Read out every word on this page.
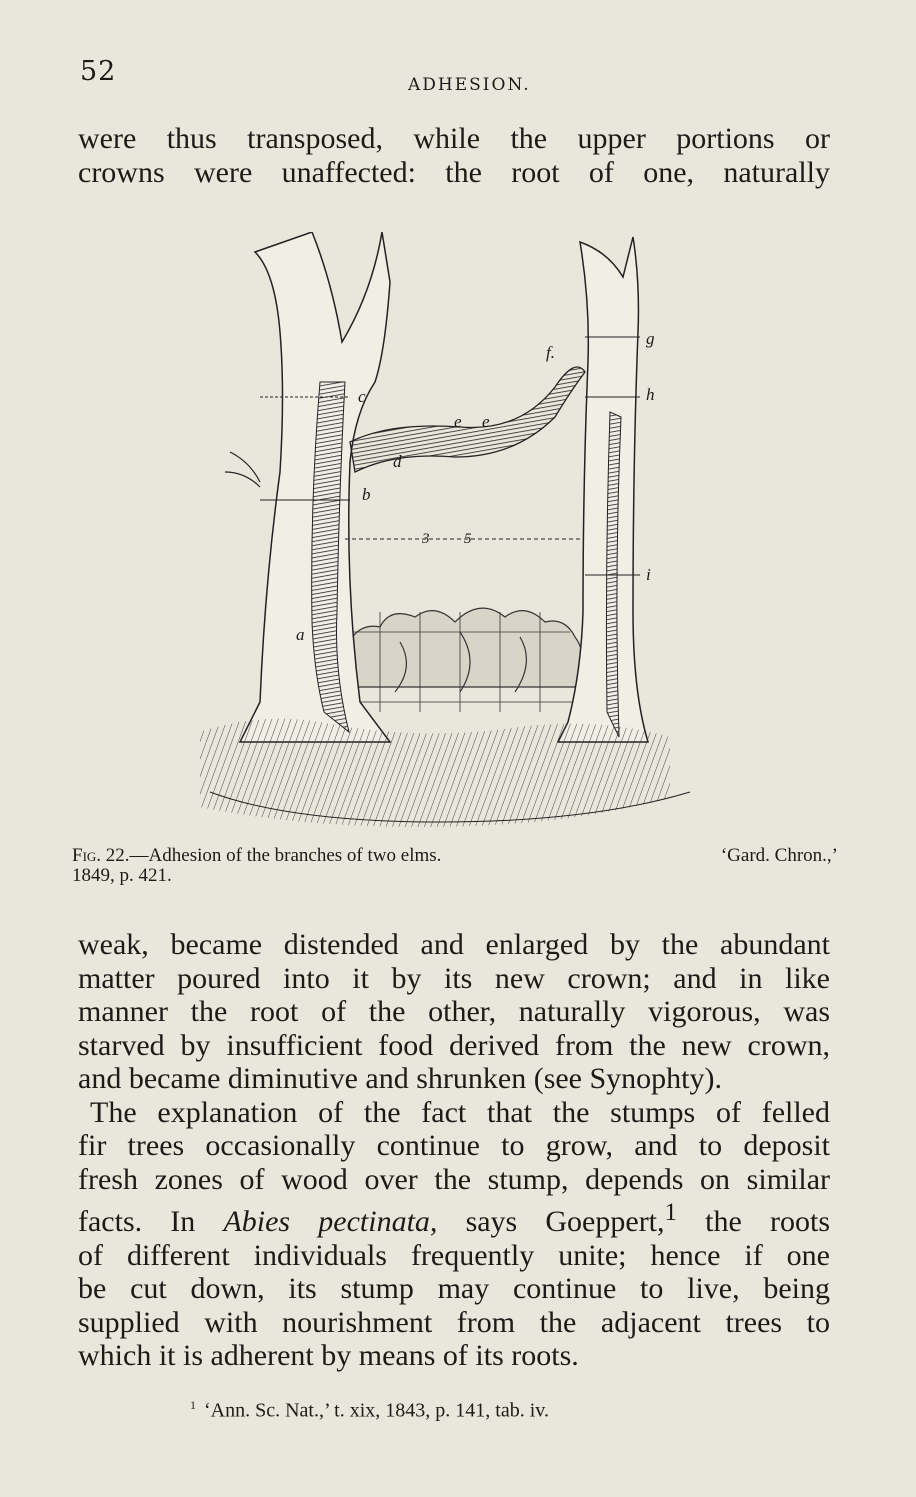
52	ADHESION.
were thus transposed, while the upper portions or
crowns were unaffected: the root of one, naturally
a
b
c
d
e e
f.
g
h
i
3 5
Fig. 22.—Adhesion of the branches of two elms.	‘Gard. Chron.,’
1849, p. 421.
weak, became distended and enlarged by the abundant
matter poured into it by its new crown; and in like
manner the root of the other, naturally vigorous, was
starved by insufficient food derived from the new crown,
and became diminutive and shrunken (see Synophty).
The explanation of the fact that the stumps of felled
fir trees occasionally continue to grow, and to deposit
fresh zones of wood over the stump, depends on similar
facts. In Abies pectinata, says Goeppert,$^1$ the roots
of different individuals frequently unite; hence if one
be cut down, its stump may continue to live, being
supplied with nourishment from the adjacent trees to
which it is adherent by means of its roots.
$^1$ ‘Ann. Sc. Nat.,’ t. xix, 1843, p. 141, tab. iv.
